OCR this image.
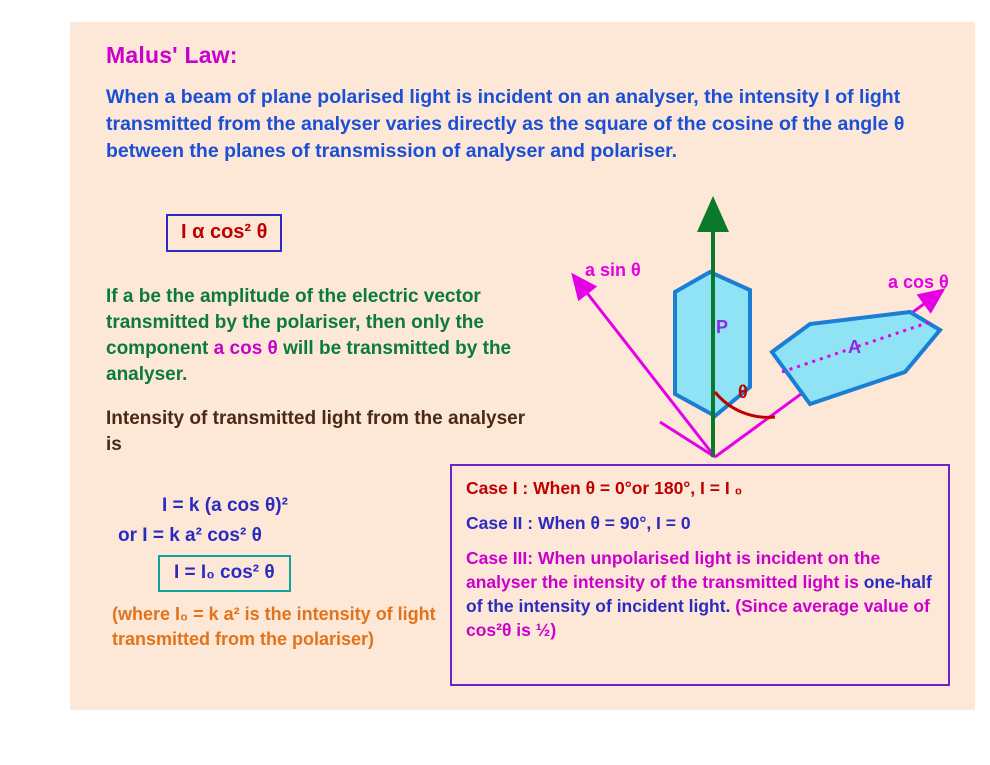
Malus' Law:
When a beam of plane polarised light is incident on an analyser, the intensity I of light transmitted from the analyser varies directly as the square of the cosine of the angle θ between the planes of transmission of analyser and polariser.
I α cos² θ
If a be the amplitude of the electric vector transmitted by the polariser, then only the component a cos θ will be transmitted by the analyser.
Intensity of transmitted light from the analyser is
I = k (a cos θ)²
or I = k a² cos² θ
I = I₀ cos² θ
(where I₀ = k a² is the intensity of light transmitted from the polariser)
Case I : When θ = 0°or 180°, I = I ₀
Case II : When θ = 90°, I = 0
Case III: When unpolarised light is incident on the analyser the intensity of the transmitted light is one-half of the intensity of incident light. (Since average value of cos²θ is ½)
a
a sin θ
a cos θ
P
A
θ
